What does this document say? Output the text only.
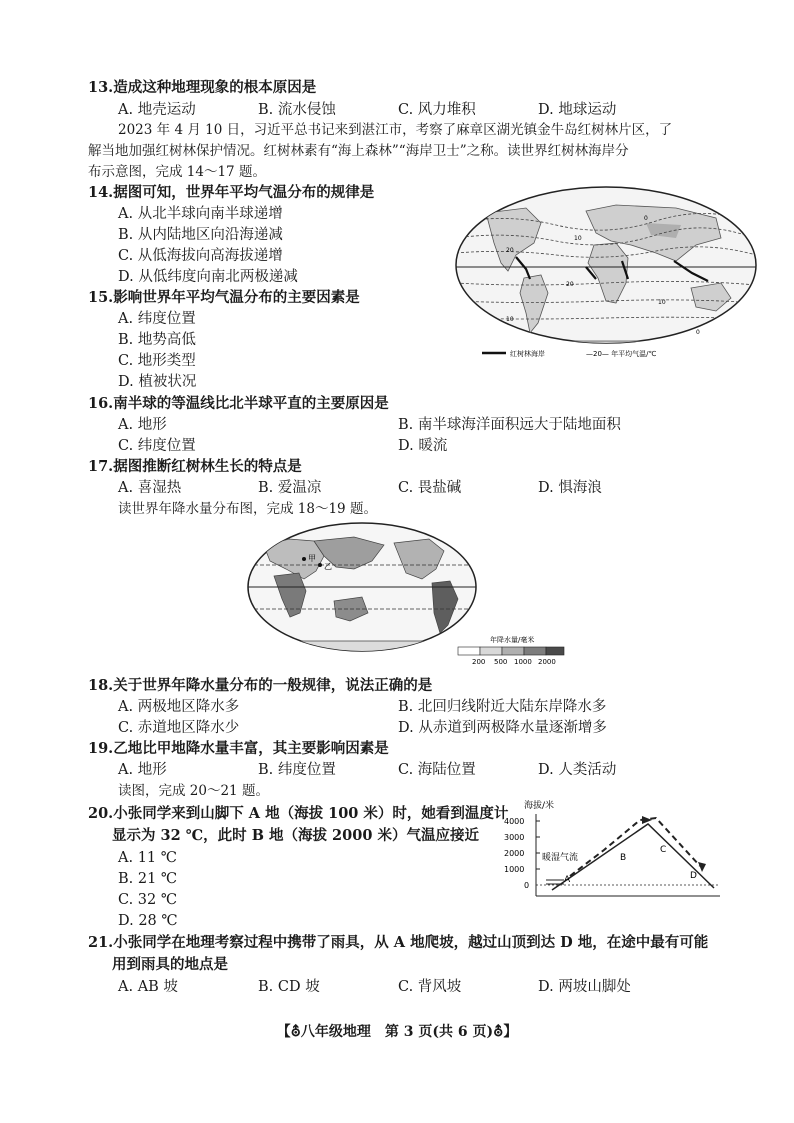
13.造成这种地理现象的根本原因是
A. 地壳运动	B. 流水侵蚀	C. 风力堆积	D. 地球运动
2023 年 4 月 10 日，习近平总书记来到湛江市，考察了麻章区湖光镇金牛岛红树林片区，了
解当地加强红树林保护情况。红树林素有“海上森林”“海岸卫士”之称。读世界红树林海岸分
布示意图，完成 14～17 题。
14.据图可知，世界年平均气温分布的规律是
A. 从北半球向南半球递增
B. 从内陆地区向沿海递减
C. 从低海拔向高海拔递增
D. 从低纬度向南北两极递减
15.影响世界年平均气温分布的主要因素是
A. 纬度位置
B. 地势高低
C. 地形类型
D. 植被状况
0
10
20
20
10
10
0
红树林海岸	—20— 年平均气温/℃
16.南半球的等温线比北半球平直的主要原因是
A. 地形	B. 南半球海洋面积远大于陆地面积
C. 纬度位置	D. 暖流
17.据图推断红树林生长的特点是
A. 喜湿热	B. 爱温凉	C. 畏盐碱	D. 惧海浪
读世界年降水量分布图，完成 18～19 题。
甲
乙
年降水量/毫米
200 500 1000 2000
18.关于世界年降水量分布的一般规律，说法正确的是
A. 两极地区降水多	B. 北回归线附近大陆东岸降水多
C. 赤道地区降水少	D. 从赤道到两极降水量逐渐增多
19.乙地比甲地降水量丰富，其主要影响因素是
A. 地形	B. 纬度位置	C. 海陆位置	D. 人类活动
读图，完成 20～21 题。
20.小张同学来到山脚下 A 地（海拔 100 米）时，她看到温度计
显示为 32 ℃，此时 B 地（海拔 2000 米）气温应接近
A. 11 ℃
B. 21 ℃
C. 32 ℃
D. 28 ℃
海拔/米
4000
3000
2000
1000
0
暖湿气流
A
B
C
D
21.小张同学在地理考察过程中携带了雨具，从 A 地爬坡，越过山顶到达 D 地，在途中最有可能
用到雨具的地点是
A. AB 坡	B. CD 坡	C. 背风坡	D. 两坡山脚处
【⛢八年级地理　第 3 页(共 6 页)⛢】
